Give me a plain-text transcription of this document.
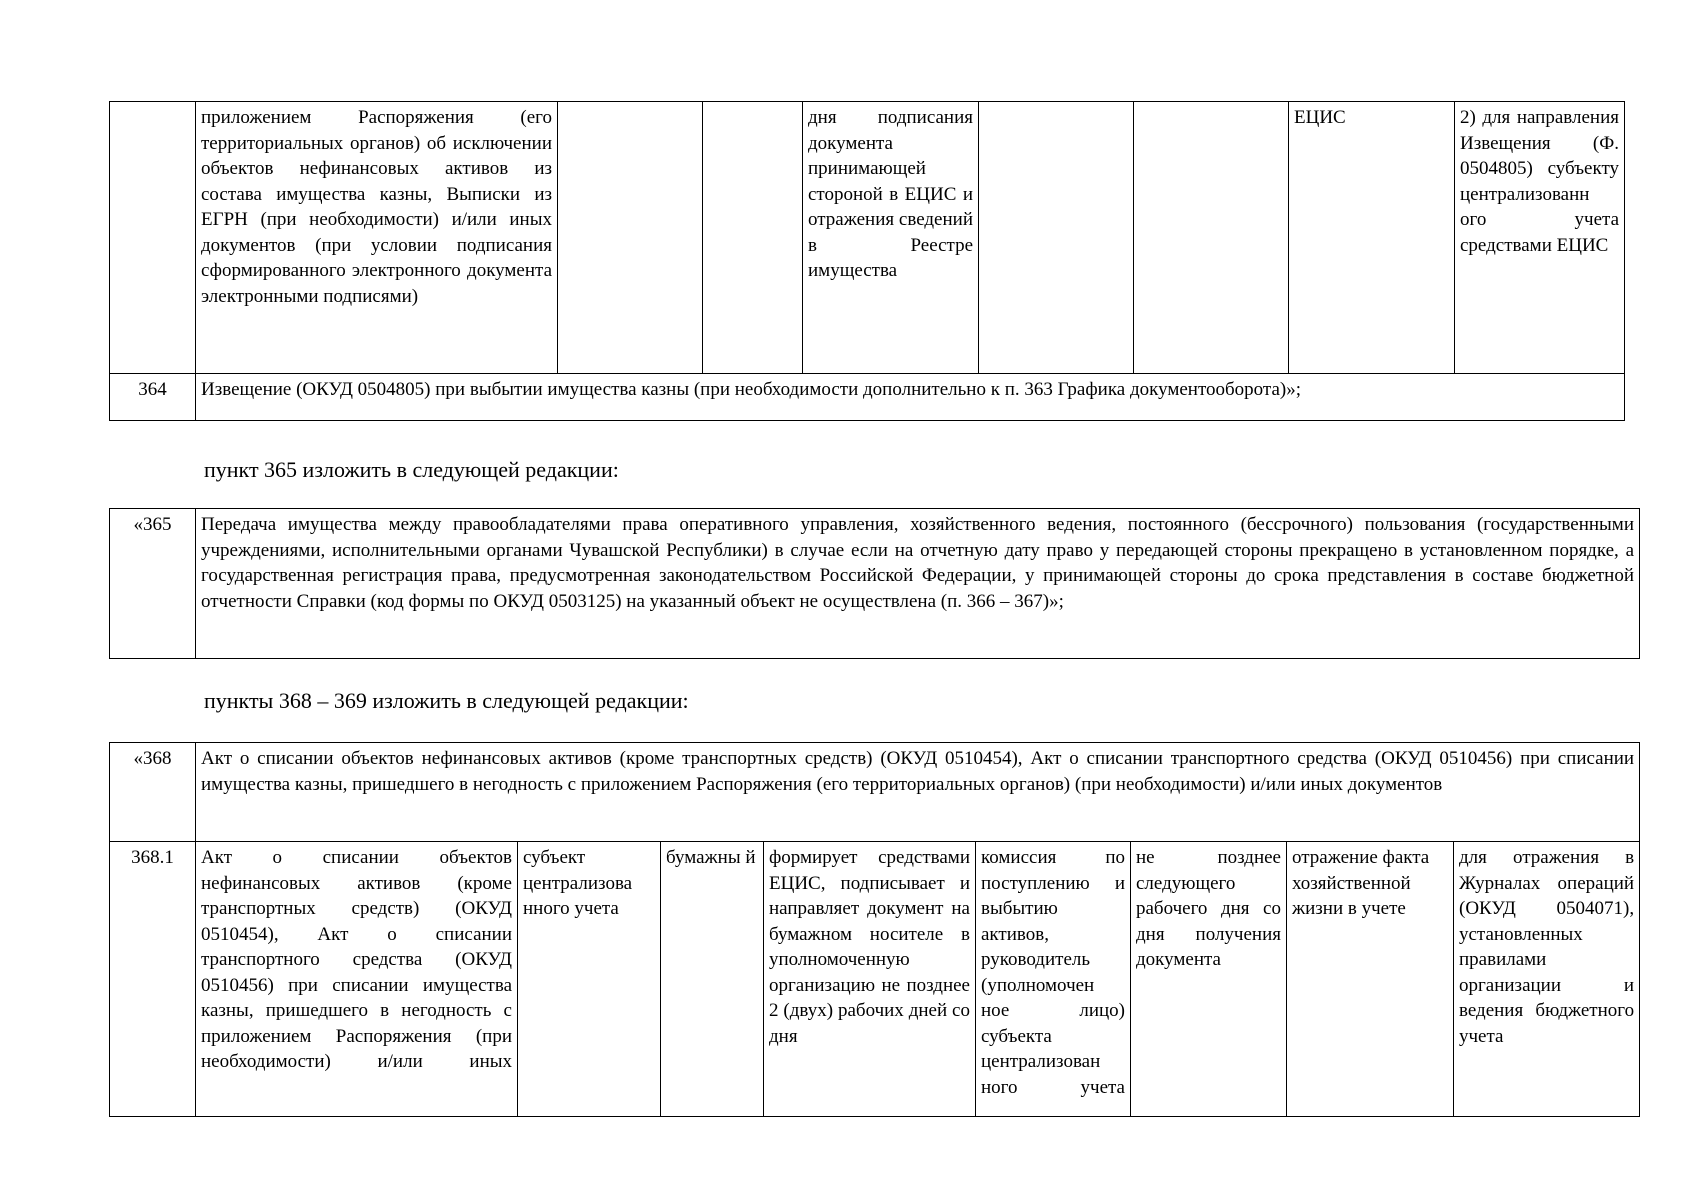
	приложением Распоряжения (его территориальных органов) об исключении объектов нефинансовых активов из состава имущества казны, Выписки из ЕГРН (при необходимости) и/или иных документов (при условии подписания сформированного электронного документа электронными подписями)			дня подписания документа принимающей стороной в ЕЦИС и отражения сведений в Реестре имущества			ЕЦИС	2) для направления Извещения (Ф. 0504805) субъекту централизованн ого учета средствами ЕЦИС
364	Извещение (ОКУД 0504805) при выбытии имущества казны (при необходимости дополнительно к п. 363 Графика документооборота)»;							
пункт 365 изложить в следующей редакции:
«365	Передача имущества между правообладателями права оперативного управления, хозяйственного ведения, постоянного (бессрочного) пользования (государственными учреждениями, исполнительными органами Чувашской Республики) в случае если на отчетную дату право у передающей стороны прекращено в установленном порядке, а государственная регистрация права, предусмотренная законодательством Российской Федерации, у принимающей стороны до срока представления в составе бюджетной отчетности Справки (код формы по ОКУД 0503125) на указанный объект не осуществлена (п. 366 – 367)»;
пункты 368 – 369 изложить в следующей редакции:
«368	Акт о списании объектов нефинансовых активов (кроме транспортных средств) (ОКУД 0510454), Акт о списании транспортного средства (ОКУД 0510456) при списании имущества казны, пришедшего в негодность с приложением Распоряжения (его территориальных органов) (при необходимости) и/или иных документов							
368.1	Акт о списании объектов нефинансовых активов (кроме транспортных средств) (ОКУД 0510454), Акт о списании транспортного средства (ОКУД 0510456) при списании имущества казны, пришедшего в негодность с приложением Распоряжения (при необходимости) и/или иных	субъект централизова нного учета	бумажны й	формирует средствами ЕЦИС, подписывает и направляет документ на бумажном носителе в уполномоченную организацию не позднее 2 (двух) рабочих дней со дня	комиссия по поступлению и выбытию активов, руководитель (уполномочен ное лицо) субъекта централизован ного учета	не позднее следующего рабочего дня со дня получения документа	отражение факта хозяйственной жизни в учете	для отражения в Журналах операций (ОКУД 0504071), установленных правилами организации и ведения бюджетного учета
